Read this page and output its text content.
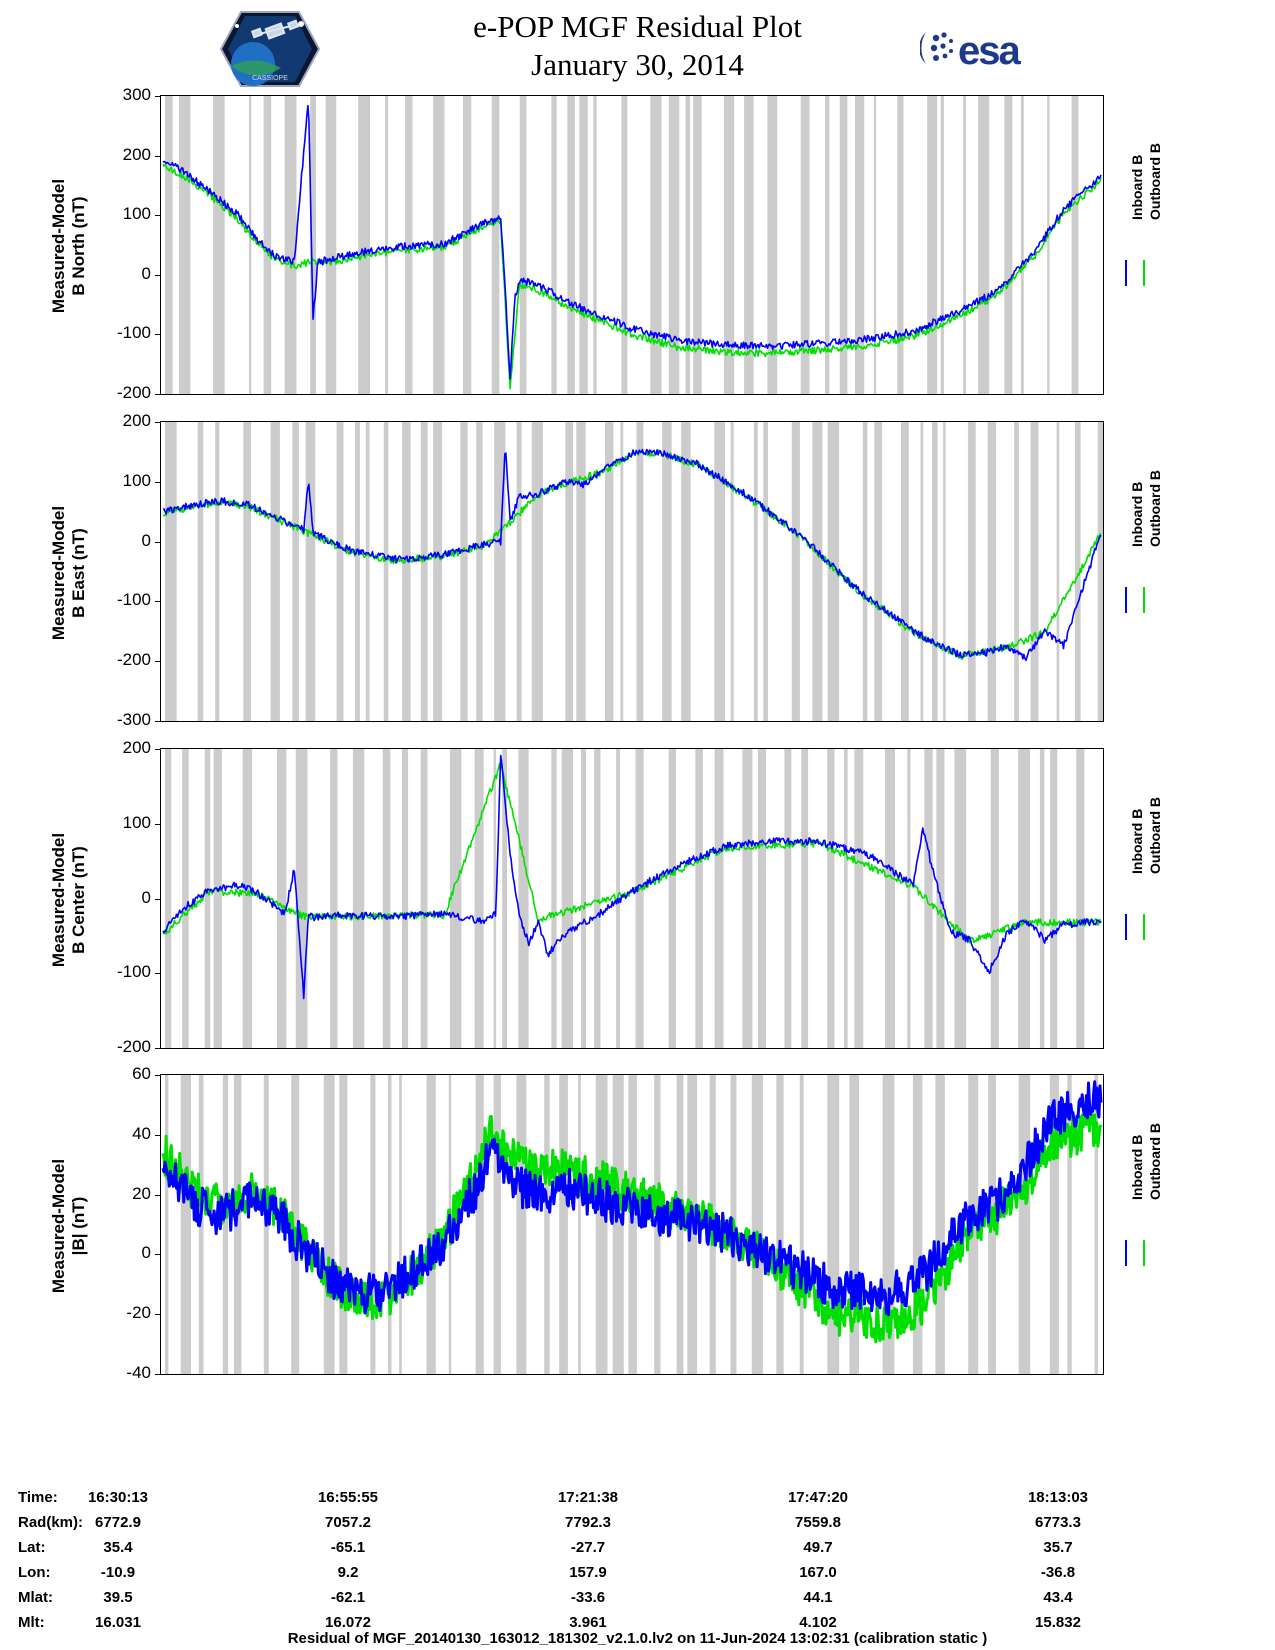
e-POP MGF Residual Plot
January 30, 2014
CASSIOPE
esa
-200
-100
0
100
200
300
Measured-Model B North (nT)
Inboard B Outboard B
-300
-200
-100
0
100
200
Measured-Model B East (nT)
Inboard B Outboard B
-200
-100
0
100
200
Measured-Model B Center (nT)
Inboard B Outboard B
-40
-20
0
20
40
60
Measured-Model |B| (nT)
Inboard B Outboard B
Time:	16:30:13	16:55:55	17:21:38	17:47:20	18:13:03
Rad(km): 6772.9	7057.2	7792.3	7559.8	6773.3
Lat:	35.4	-65.1	-27.7	49.7	35.7
Lon:	-10.9	9.2	157.9	167.0	-36.8
Mlat:	39.5	-62.1	-33.6	44.1	43.4
Mlt:	16.031	16.072	3.961	4.102	15.832
Residual of MGF_20140130_163012_181302_v2.1.0.lv2 on 11-Jun-2024 13:02:31 (calibration static )
